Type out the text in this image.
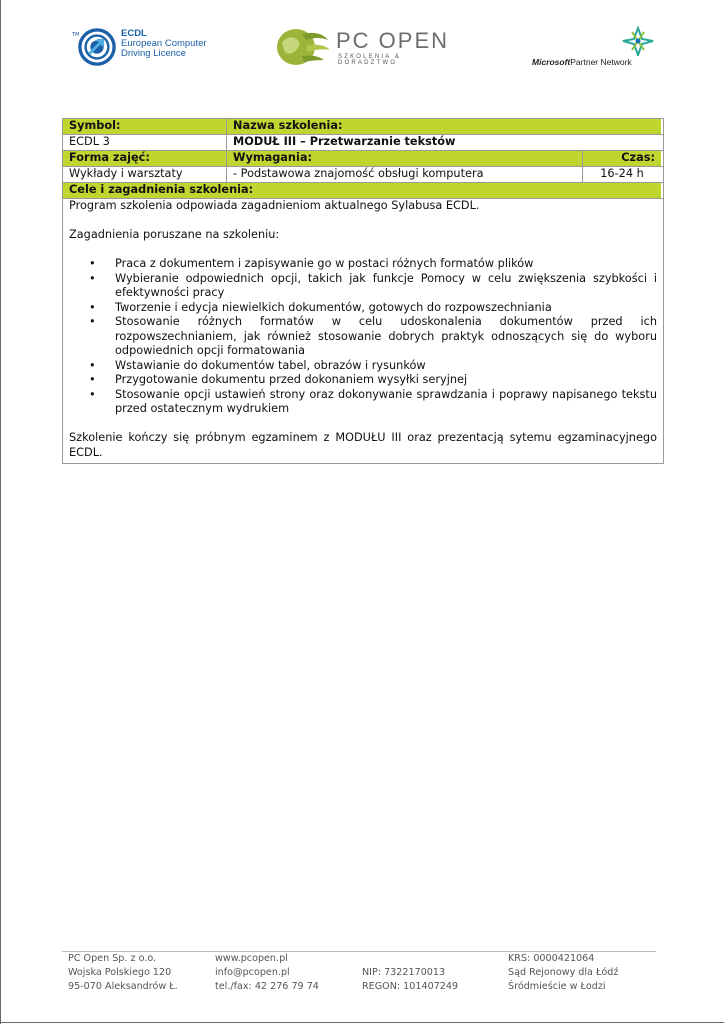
TM	ECDL
European Computer
Driving Licence
PC OPEN
SZKOLENIA & DORADZTWO	MicrosoftPartner Network
Symbol:	Nazwa szkolenia:
ECDL 3	MODUŁ III – Przetwarzanie tekstów
Forma zajęć:	Wymagania:	Czas:
Wykłady i warsztaty	- Podstawowa znajomość obsługi komputera	16-24 h
Cele i zagadnienia szkolenia:

Program szkolenia odpowiada zagadnieniom aktualnego Sylabusa ECDL.

Zagadnienia poruszane na szkoleniu:

• Praca z dokumentem i zapisywanie go w postaci różnych formatów plików
• Wybieranie odpowiednich opcji, takich jak funkcje Pomocy w celu zwiększenia szybkości i efektywności pracy
• Tworzenie i edycja niewielkich dokumentów, gotowych do rozpowszechniania
• Stosowanie różnych formatów w celu udoskonalenia dokumentów przed ich rozpowszechnianiem, jak również stosowanie dobrych praktyk odnoszących się do wyboru odpowiednich opcji formatowania
• Wstawianie do dokumentów tabel, obrazów i rysunków
• Przygotowanie dokumentu przed dokonaniem wysyłki seryjnej
• Stosowanie opcji ustawień strony oraz dokonywanie sprawdzania i poprawy napisanego tekstu przed ostatecznym wydrukiem

Szkolenie kończy się próbnym egzaminem z MODUŁU III oraz prezentacją sytemu egzaminacyjnego ECDL.

PC Open Sp. z o.o.
Wojska Polskiego 120
95-070 Aleksandrów Ł.
www.pcopen.pl
info@pcopen.pl
tel./fax: 42 276 79 74
NIP: 7322170013
REGON: 101407249
KRS: 0000421064
Sąd Rejonowy dla Łódź
Śródmieście w Łodzi
